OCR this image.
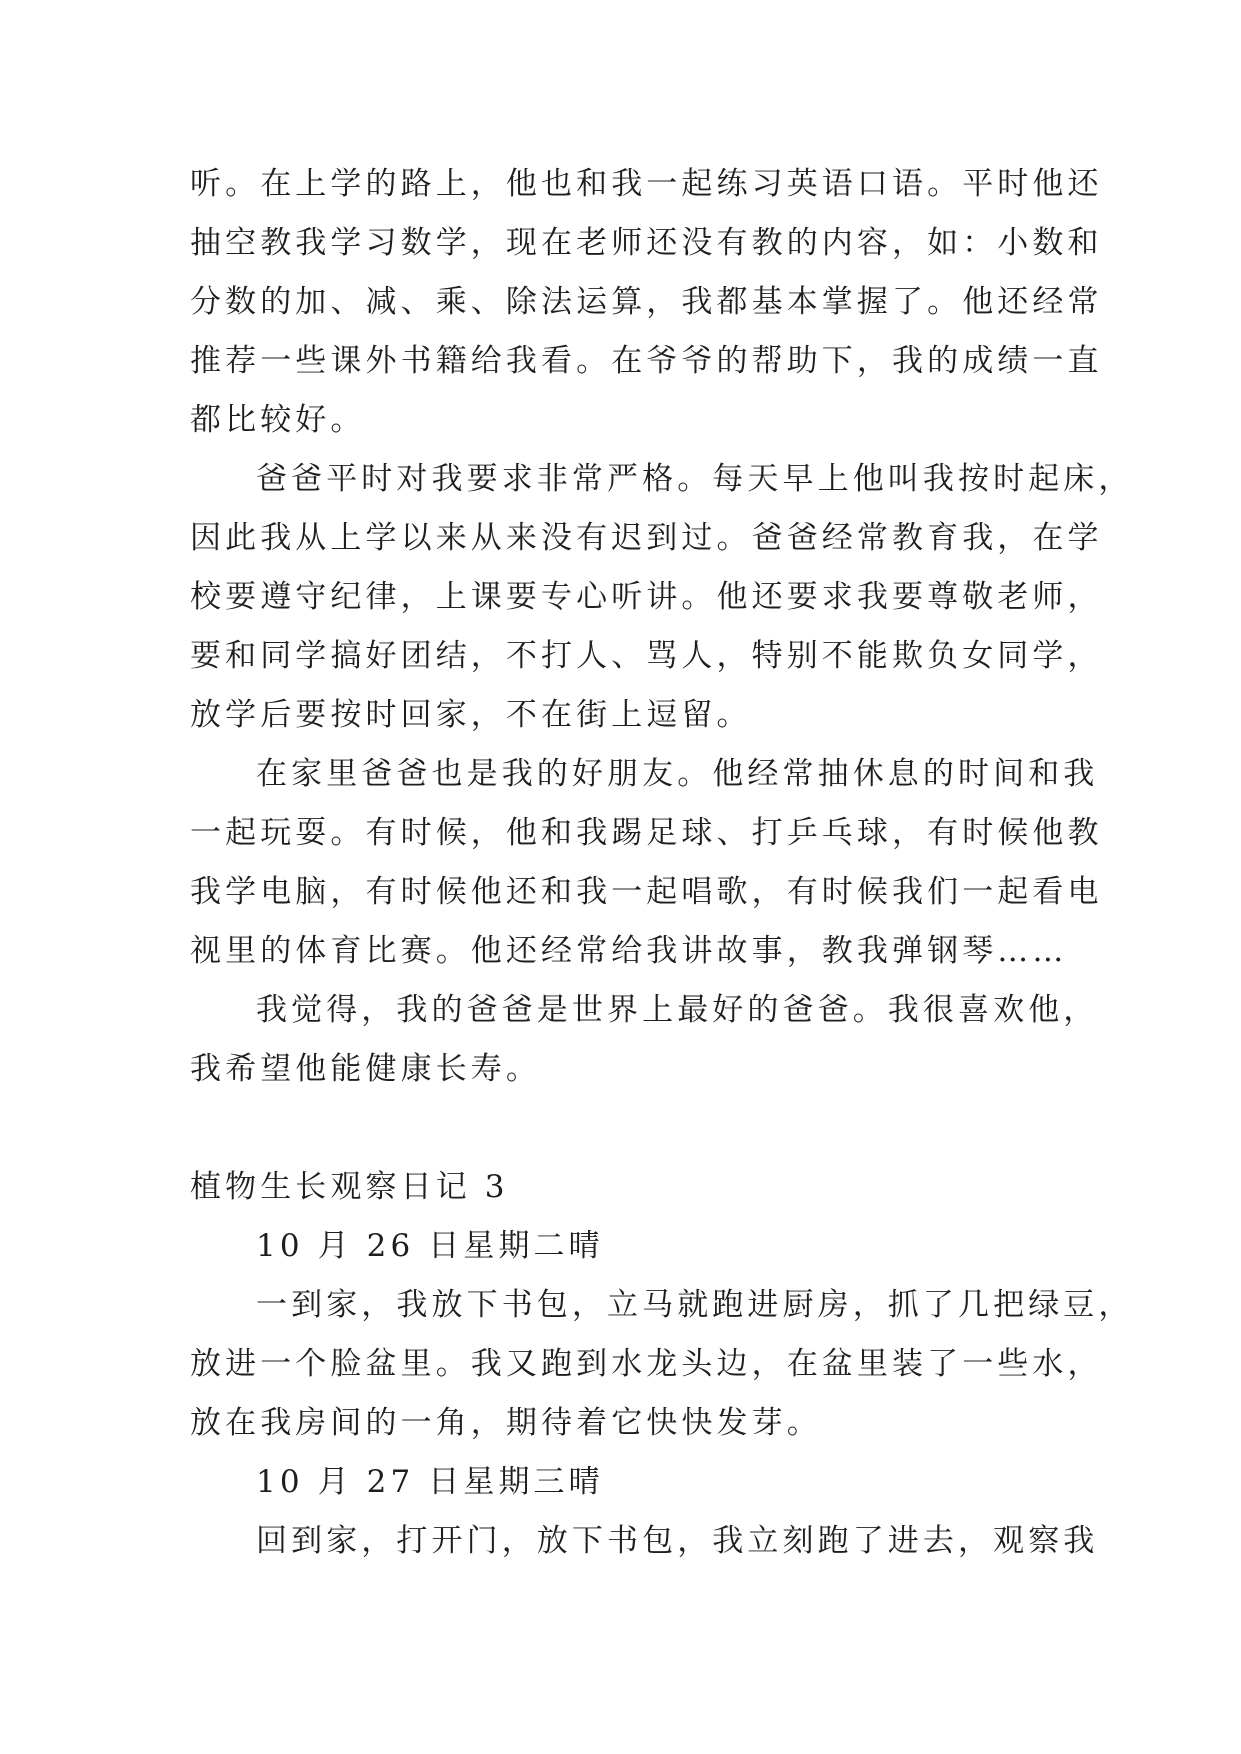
听。在上学的路上，他也和我一起练习英语口语。平时他还
抽空教我学习数学，现在老师还没有教的内容，如：小数和
分数的加、减、乘、除法运算，我都基本掌握了。他还经常
推荐一些课外书籍给我看。在爷爷的帮助下，我的成绩一直
都比较好。
爸爸平时对我要求非常严格。每天早上他叫我按时起床，
因此我从上学以来从来没有迟到过。爸爸经常教育我，在学
校要遵守纪律，上课要专心听讲。他还要求我要尊敬老师，
要和同学搞好团结，不打人、骂人，特别不能欺负女同学，
放学后要按时回家，不在街上逗留。
在家里爸爸也是我的好朋友。他经常抽休息的时间和我
一起玩耍。有时候，他和我踢足球、打乒乓球，有时候他教
我学电脑，有时候他还和我一起唱歌，有时候我们一起看电
视里的体育比赛。他还经常给我讲故事，教我弹钢琴……
我觉得，我的爸爸是世界上最好的爸爸。我很喜欢他，
我希望他能健康长寿。
植物生长观察日记 3
10 月 26 日星期二晴
一到家，我放下书包，立马就跑进厨房，抓了几把绿豆，
放进一个脸盆里。我又跑到水龙头边，在盆里装了一些水，
放在我房间的一角，期待着它快快发芽。
10 月 27 日星期三晴
回到家，打开门，放下书包，我立刻跑了进去，观察我
